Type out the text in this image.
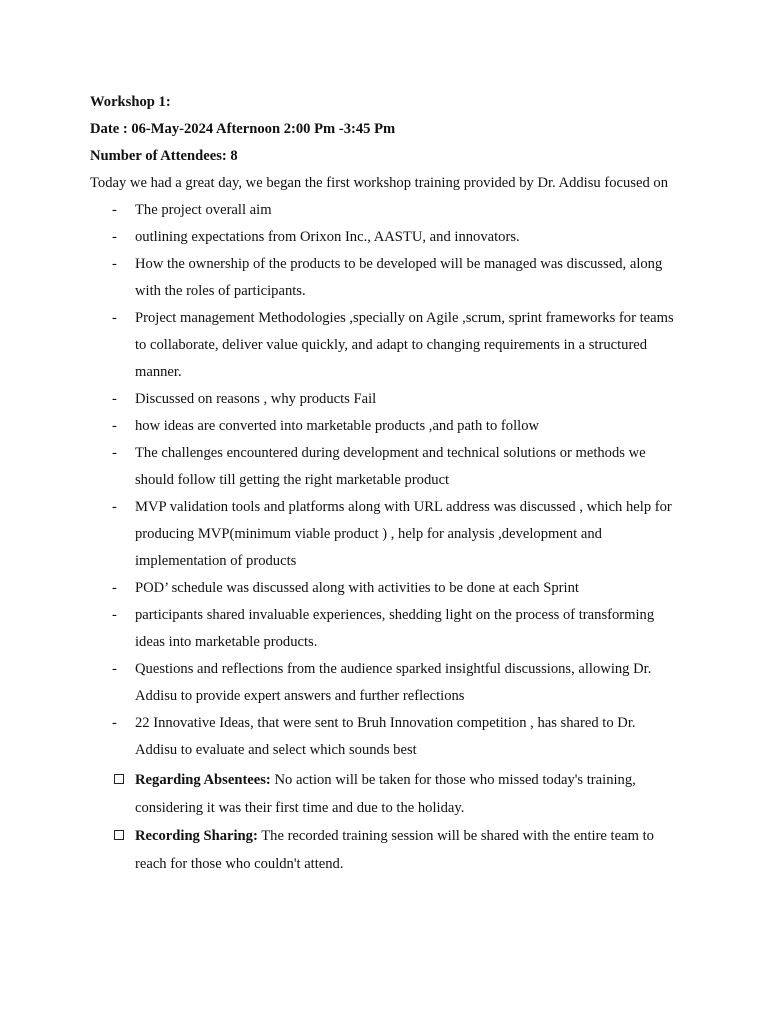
Workshop 1:
Date : 06-May-2024 Afternoon 2:00 Pm -3:45 Pm
Number of Attendees: 8
Today we had a great day, we began the first workshop training provided by Dr. Addisu focused on
- The project overall aim
- outlining expectations from Orixon Inc., AASTU, and innovators.
- How the ownership of the products to be developed will be managed was discussed, along with the roles of participants.
- Project management Methodologies ,specially on Agile ,scrum, sprint frameworks for teams to collaborate, deliver value quickly, and adapt to changing requirements in a structured manner.
- Discussed on reasons , why products Fail
- how ideas are converted into marketable products ,and path to follow
- The challenges encountered during development and technical solutions or methods we should follow till getting the right marketable product
- MVP validation tools and platforms along with URL address was discussed , which help for producing MVP(minimum viable product ) , help for analysis ,development and implementation of products
- POD’ schedule was discussed along with activities to be done at each Sprint
- participants shared invaluable experiences, shedding light on the process of transforming ideas into marketable products.
- Questions and reflections from the audience sparked insightful discussions, allowing Dr. Addisu to provide expert answers and further reflections
- 22 Innovative Ideas, that were sent to Bruh Innovation competition , has shared to Dr. Addisu to evaluate and select which sounds best
Regarding Absentees: No action will be taken for those who missed today's training, considering it was their first time and due to the holiday.
Recording Sharing: The recorded training session will be shared with the entire team to reach for those who couldn't attend.
